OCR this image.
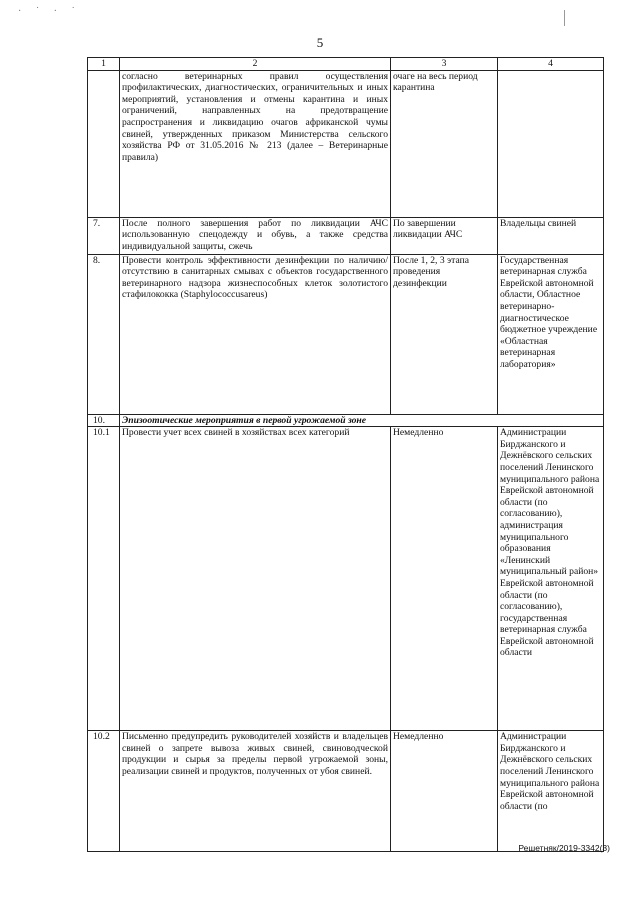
· ˙ · ˙
5
1	2	3	4
	согласно ветеринарных правил осуществления профилактических, диагностических, ограничительных и иных мероприятий, установления и отмены карантина и иных ограничений, направленных на предотвращение распространения и ликвидацию очагов африканской чумы свиней, утвержденных приказом Министерства сельского хозяйства РФ от 31.05.2016 № 213 (далее – Ветеринарные правила)	очаге на весь период карантина	
7.	После полного завершения работ по ликвидации АЧС использованную спецодежду и обувь, а также средства индивидуальной защиты, сжечь	По завершении ликвидации АЧС	Владельцы свиней
8.	Провести контроль эффективности дезинфекции по наличию/отсутствию в санитарных смывах с объектов государственного ветеринарного надзора жизнеспособных клеток золотистого стафилококка (Staphylococcusareus)	После 1, 2, 3 этапа проведения дезинфекции	Государственная ветеринарная служба Еврейской автономной области, Областное ветеринарно-диагностическое бюджетное учреждение «Областная ветеринарная лаборатория»
10.	Эпизоотические мероприятия в первой угрожаемой зоне		
10.1	Провести учет всех свиней в хозяйствах всех категорий	Немедленно	Администрации Бирджанского и Дежнёвского сельских поселений Ленинского муниципального района Еврейской автономной области (по согласованию), администрация муниципального образования «Ленинский муниципальный район» Еврейской автономной области (по согласованию), государственная ветеринарная служба Еврейской автономной области
10.2	Письменно предупредить руководителей хозяйств и владельцев свиней о запрете вывоза живых свиней, свиноводческой продукции и сырья за пределы первой угрожаемой зоны, реализации свиней и продуктов, полученных от убоя свиней.	Немедленно	Администрации Бирджанского и Дежнёвского сельских поселений Ленинского муниципального района Еврейской автономной области (по
Решетняк/2019-3342(3)
